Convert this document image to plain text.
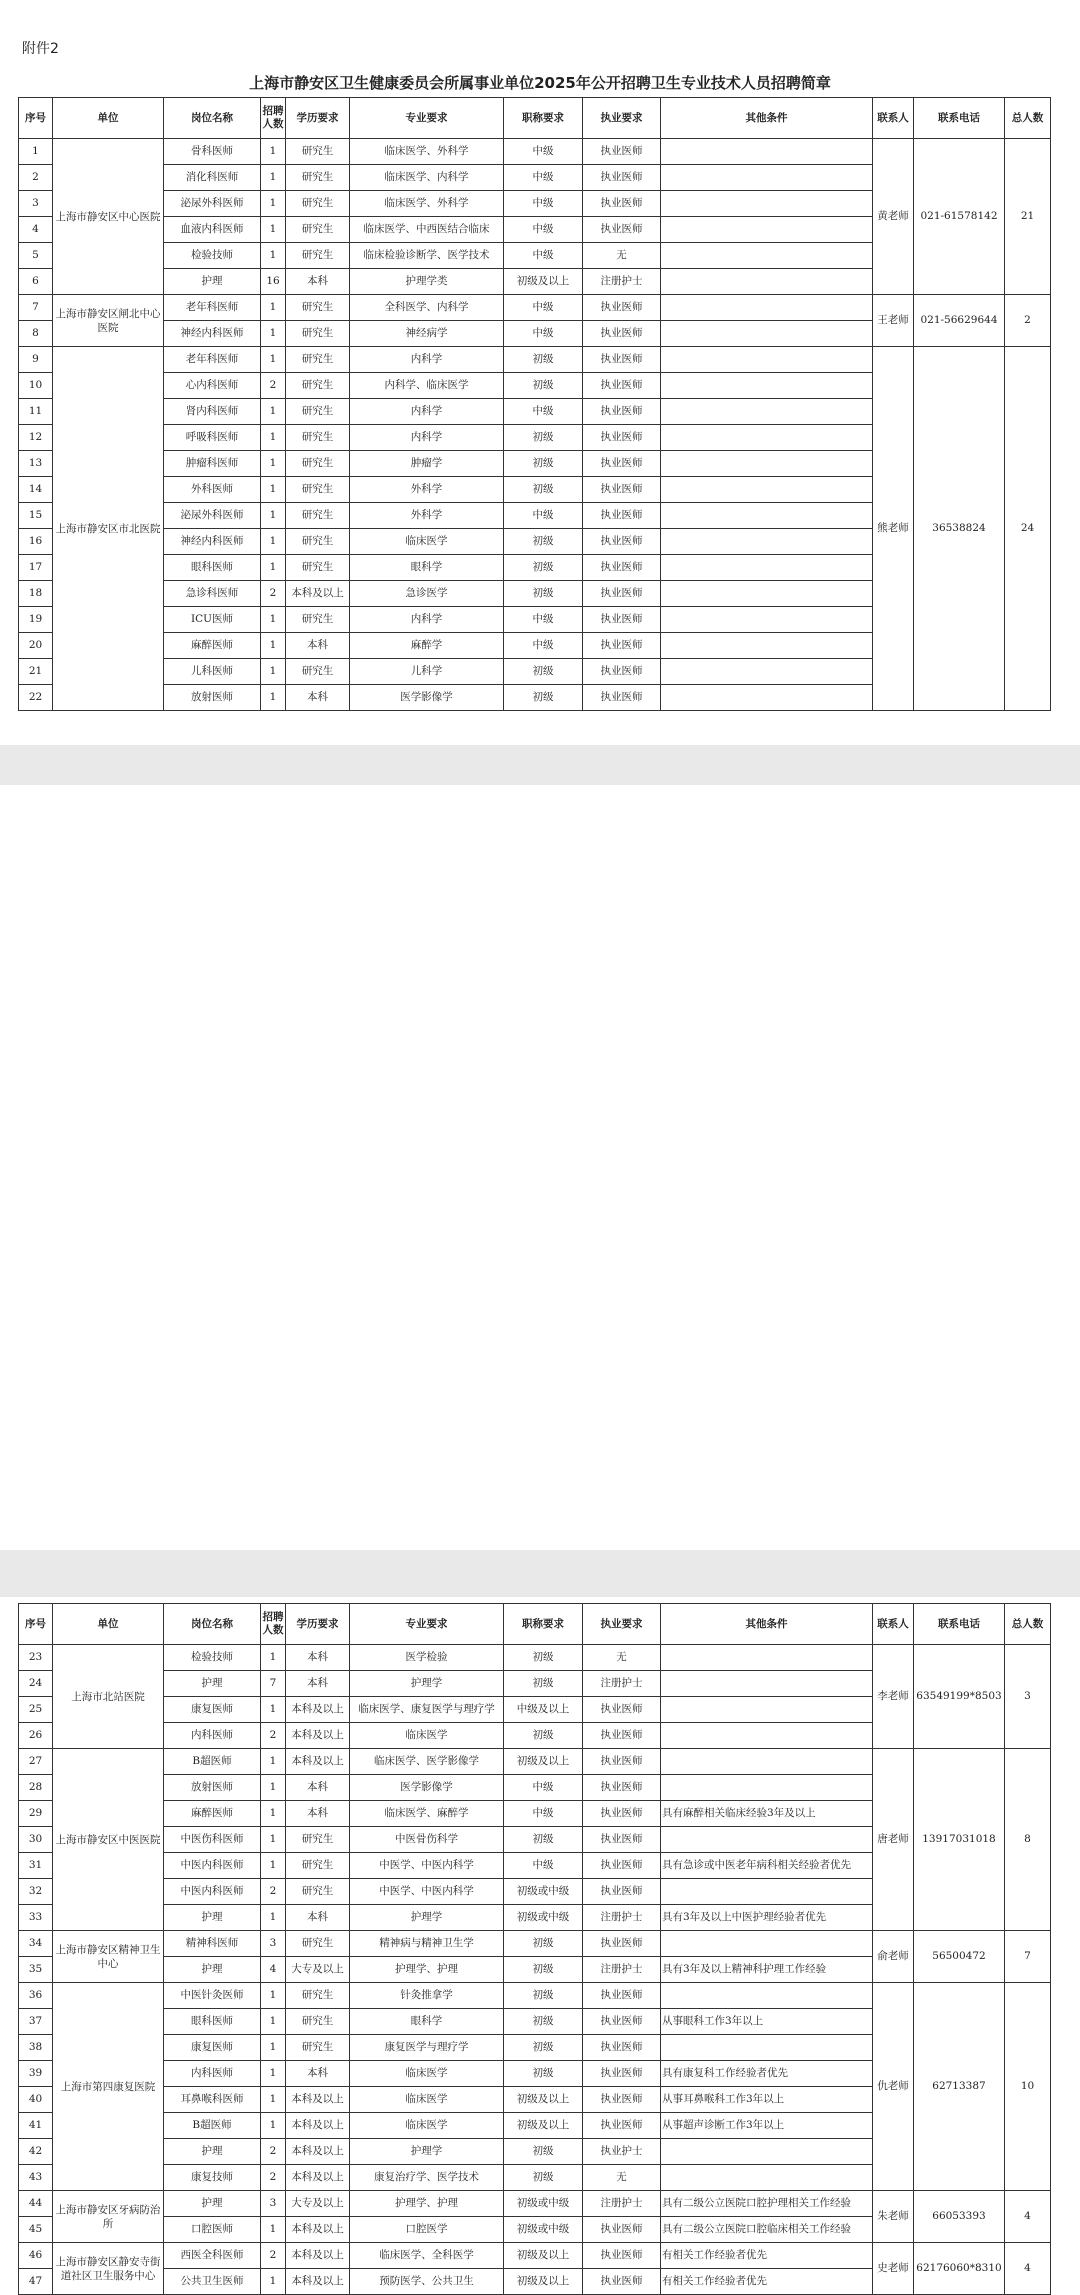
附件2
上海市静安区卫生健康委员会所属事业单位2025年公开招聘卫生专业技术人员招聘简章
序号	单位	岗位名称	招聘人数	学历要求	专业要求	职称要求	执业要求	其他条件	联系人	联系电话	总人数
1	上海市静安区中心医院	骨科医师	1	研究生	临床医学、外科学	中级	执业医师		黄老师	021-61578142	21
2		消化科医师	1	研究生	临床医学、内科学	中级	执业医师				
3		泌尿外科医师	1	研究生	临床医学、外科学	中级	执业医师				
4		血液内科医师	1	研究生	临床医学、中西医结合临床	中级	执业医师				
5		检验技师	1	研究生	临床检验诊断学、医学技术	中级	无				
6		护理	16	本科	护理学类	初级及以上	注册护士				
7	上海市静安区闸北中心医院	老年科医师	1	研究生	全科医学、内科学	中级	执业医师		王老师	021-56629644	2
8		神经内科医师	1	研究生	神经病学	中级	执业医师				
9	上海市静安区市北医院	老年科医师	1	研究生	内科学	初级	执业医师		熊老师	36538824	24
10		心内科医师	2	研究生	内科学、临床医学	初级	执业医师				
11		肾内科医师	1	研究生	内科学	中级	执业医师				
12		呼吸科医师	1	研究生	内科学	初级	执业医师				
13		肿瘤科医师	1	研究生	肿瘤学	初级	执业医师				
14		外科医师	1	研究生	外科学	初级	执业医师				
15		泌尿外科医师	1	研究生	外科学	中级	执业医师				
16		神经内科医师	1	研究生	临床医学	初级	执业医师				
17		眼科医师	1	研究生	眼科学	初级	执业医师				
18		急诊科医师	2	本科及以上	急诊医学	初级	执业医师				
19		ICU医师	1	研究生	内科学	中级	执业医师				
20		麻醉医师	1	本科	麻醉学	中级	执业医师				
21		儿科医师	1	研究生	儿科学	初级	执业医师				
22		放射医师	1	本科	医学影像学	初级	执业医师				
序号	单位	岗位名称	招聘人数	学历要求	专业要求	职称要求	执业要求	其他条件	联系人	联系电话	总人数
23	上海市北站医院	检验技师	1	本科	医学检验	初级	无		李老师	63549199*8503	3
24		护理	7	本科	护理学	初级	注册护士				
25		康复医师	1	本科及以上	临床医学、康复医学与理疗学	中级及以上	执业医师				
26		内科医师	2	本科及以上	临床医学	初级	执业医师				
27	上海市静安区中医医院	B超医师	1	本科及以上	临床医学、医学影像学	初级及以上	执业医师		唐老师	13917031018	8
28		放射医师	1	本科	医学影像学	中级	执业医师				
29		麻醉医师	1	本科	临床医学、麻醉学	中级	执业医师	具有麻醉相关临床经验3年及以上			
30		中医伤科医师	1	研究生	中医骨伤科学	初级	执业医师				
31		中医内科医师	1	研究生	中医学、中医内科学	中级	执业医师	具有急诊或中医老年病科相关经验者优先			
32		中医内科医师	2	研究生	中医学、中医内科学	初级或中级	执业医师				
33		护理	1	本科	护理学	初级或中级	注册护士	具有3年及以上中医护理经验者优先			
34	上海市静安区精神卫生中心	精神科医师	3	研究生	精神病与精神卫生学	初级	执业医师		俞老师	56500472	7
35		护理	4	大专及以上	护理学、护理	初级	注册护士	具有3年及以上精神科护理工作经验			
36	上海市第四康复医院	中医针灸医师	1	研究生	针灸推拿学	初级	执业医师		仇老师	62713387	10
37		眼科医师	1	研究生	眼科学	初级	执业医师	从事眼科工作3年以上			
38		康复医师	1	研究生	康复医学与理疗学	初级	执业医师				
39		内科医师	1	本科	临床医学	初级	执业医师	具有康复科工作经验者优先			
40		耳鼻喉科医师	1	本科及以上	临床医学	初级及以上	执业医师	从事耳鼻喉科工作3年以上			
41		B超医师	1	本科及以上	临床医学	初级及以上	执业医师	从事超声诊断工作3年以上			
42		护理	2	本科及以上	护理学	初级	执业护士				
43		康复技师	2	本科及以上	康复治疗学、医学技术	初级	无				
44	上海市静安区牙病防治所	护理	3	大专及以上	护理学、护理	初级或中级	注册护士	具有二级公立医院口腔护理相关工作经验	朱老师	66053393	4
45		口腔医师	1	本科及以上	口腔医学	初级或中级	执业医师	具有二级公立医院口腔临床相关工作经验			
46	上海市静安区静安寺街道社区卫生服务中心	西医全科医师	2	本科及以上	临床医学、全科医学	初级及以上	执业医师	有相关工作经验者优先	史老师	62176060*8310	4
47		公共卫生医师	1	本科及以上	预防医学、公共卫生	初级及以上	执业医师	有相关工作经验者优先			
